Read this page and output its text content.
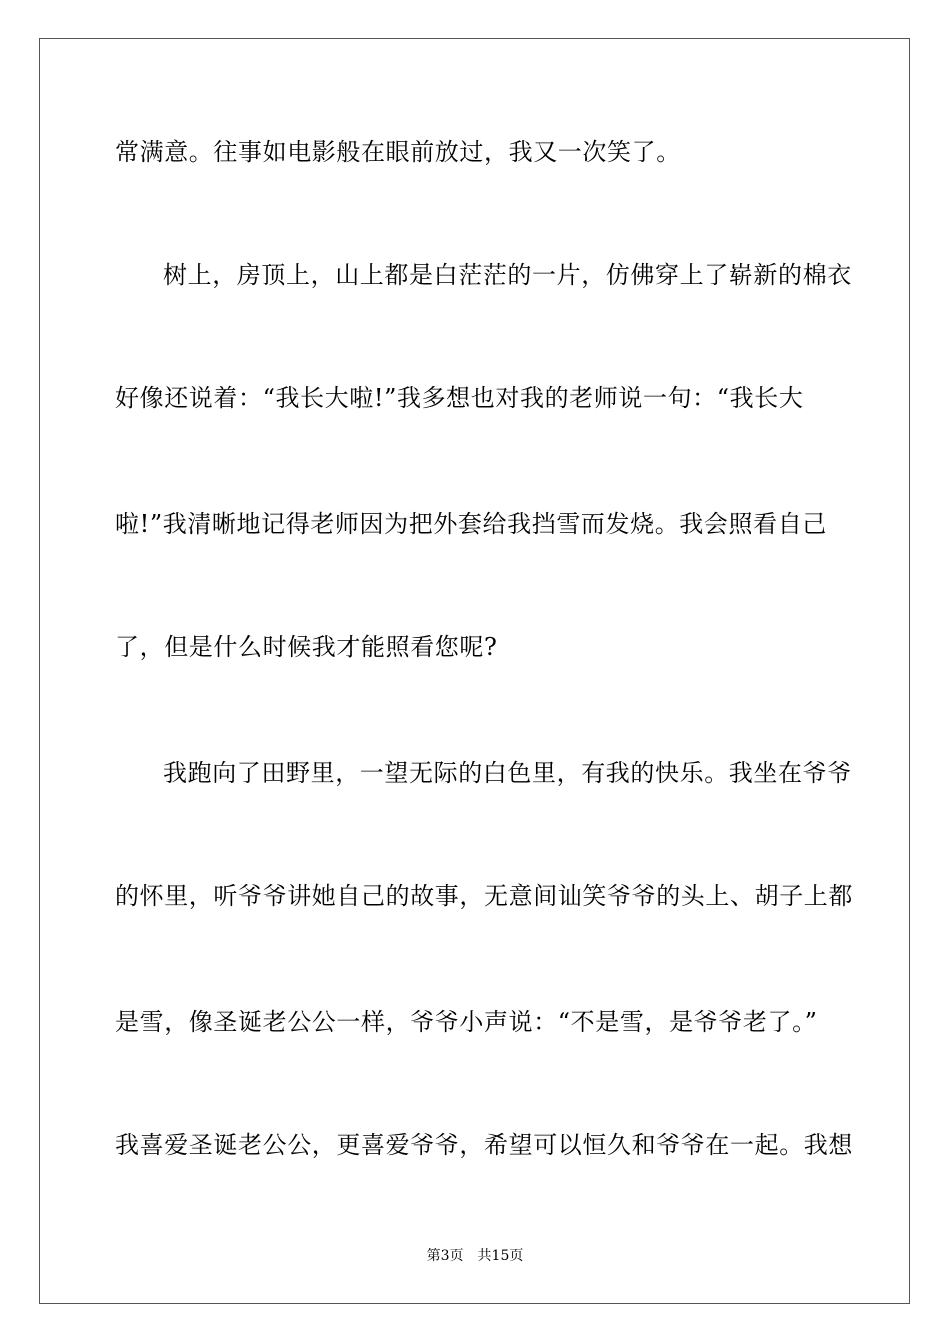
常满意。往事如电影般在眼前放过，我又一次笑了。
树上，房顶上，山上都是白茫茫的一片，仿佛穿上了崭新的棉衣
好像还说着：“我长大啦!”我多想也对我的老师说一句：“我长大
啦!”我清晰地记得老师因为把外套给我挡雪而发烧。我会照看自己
了，但是什么时候我才能照看您呢?
我跑向了田野里，一望无际的白色里，有我的快乐。我坐在爷爷
的怀里，听爷爷讲她自己的故事，无意间讪笑爷爷的头上、胡子上都
是雪，像圣诞老公公一样，爷爷小声说：“不是雪，是爷爷老了。”
我喜爱圣诞老公公，更喜爱爷爷，希望可以恒久和爷爷在一起。我想
第3页 共15页
